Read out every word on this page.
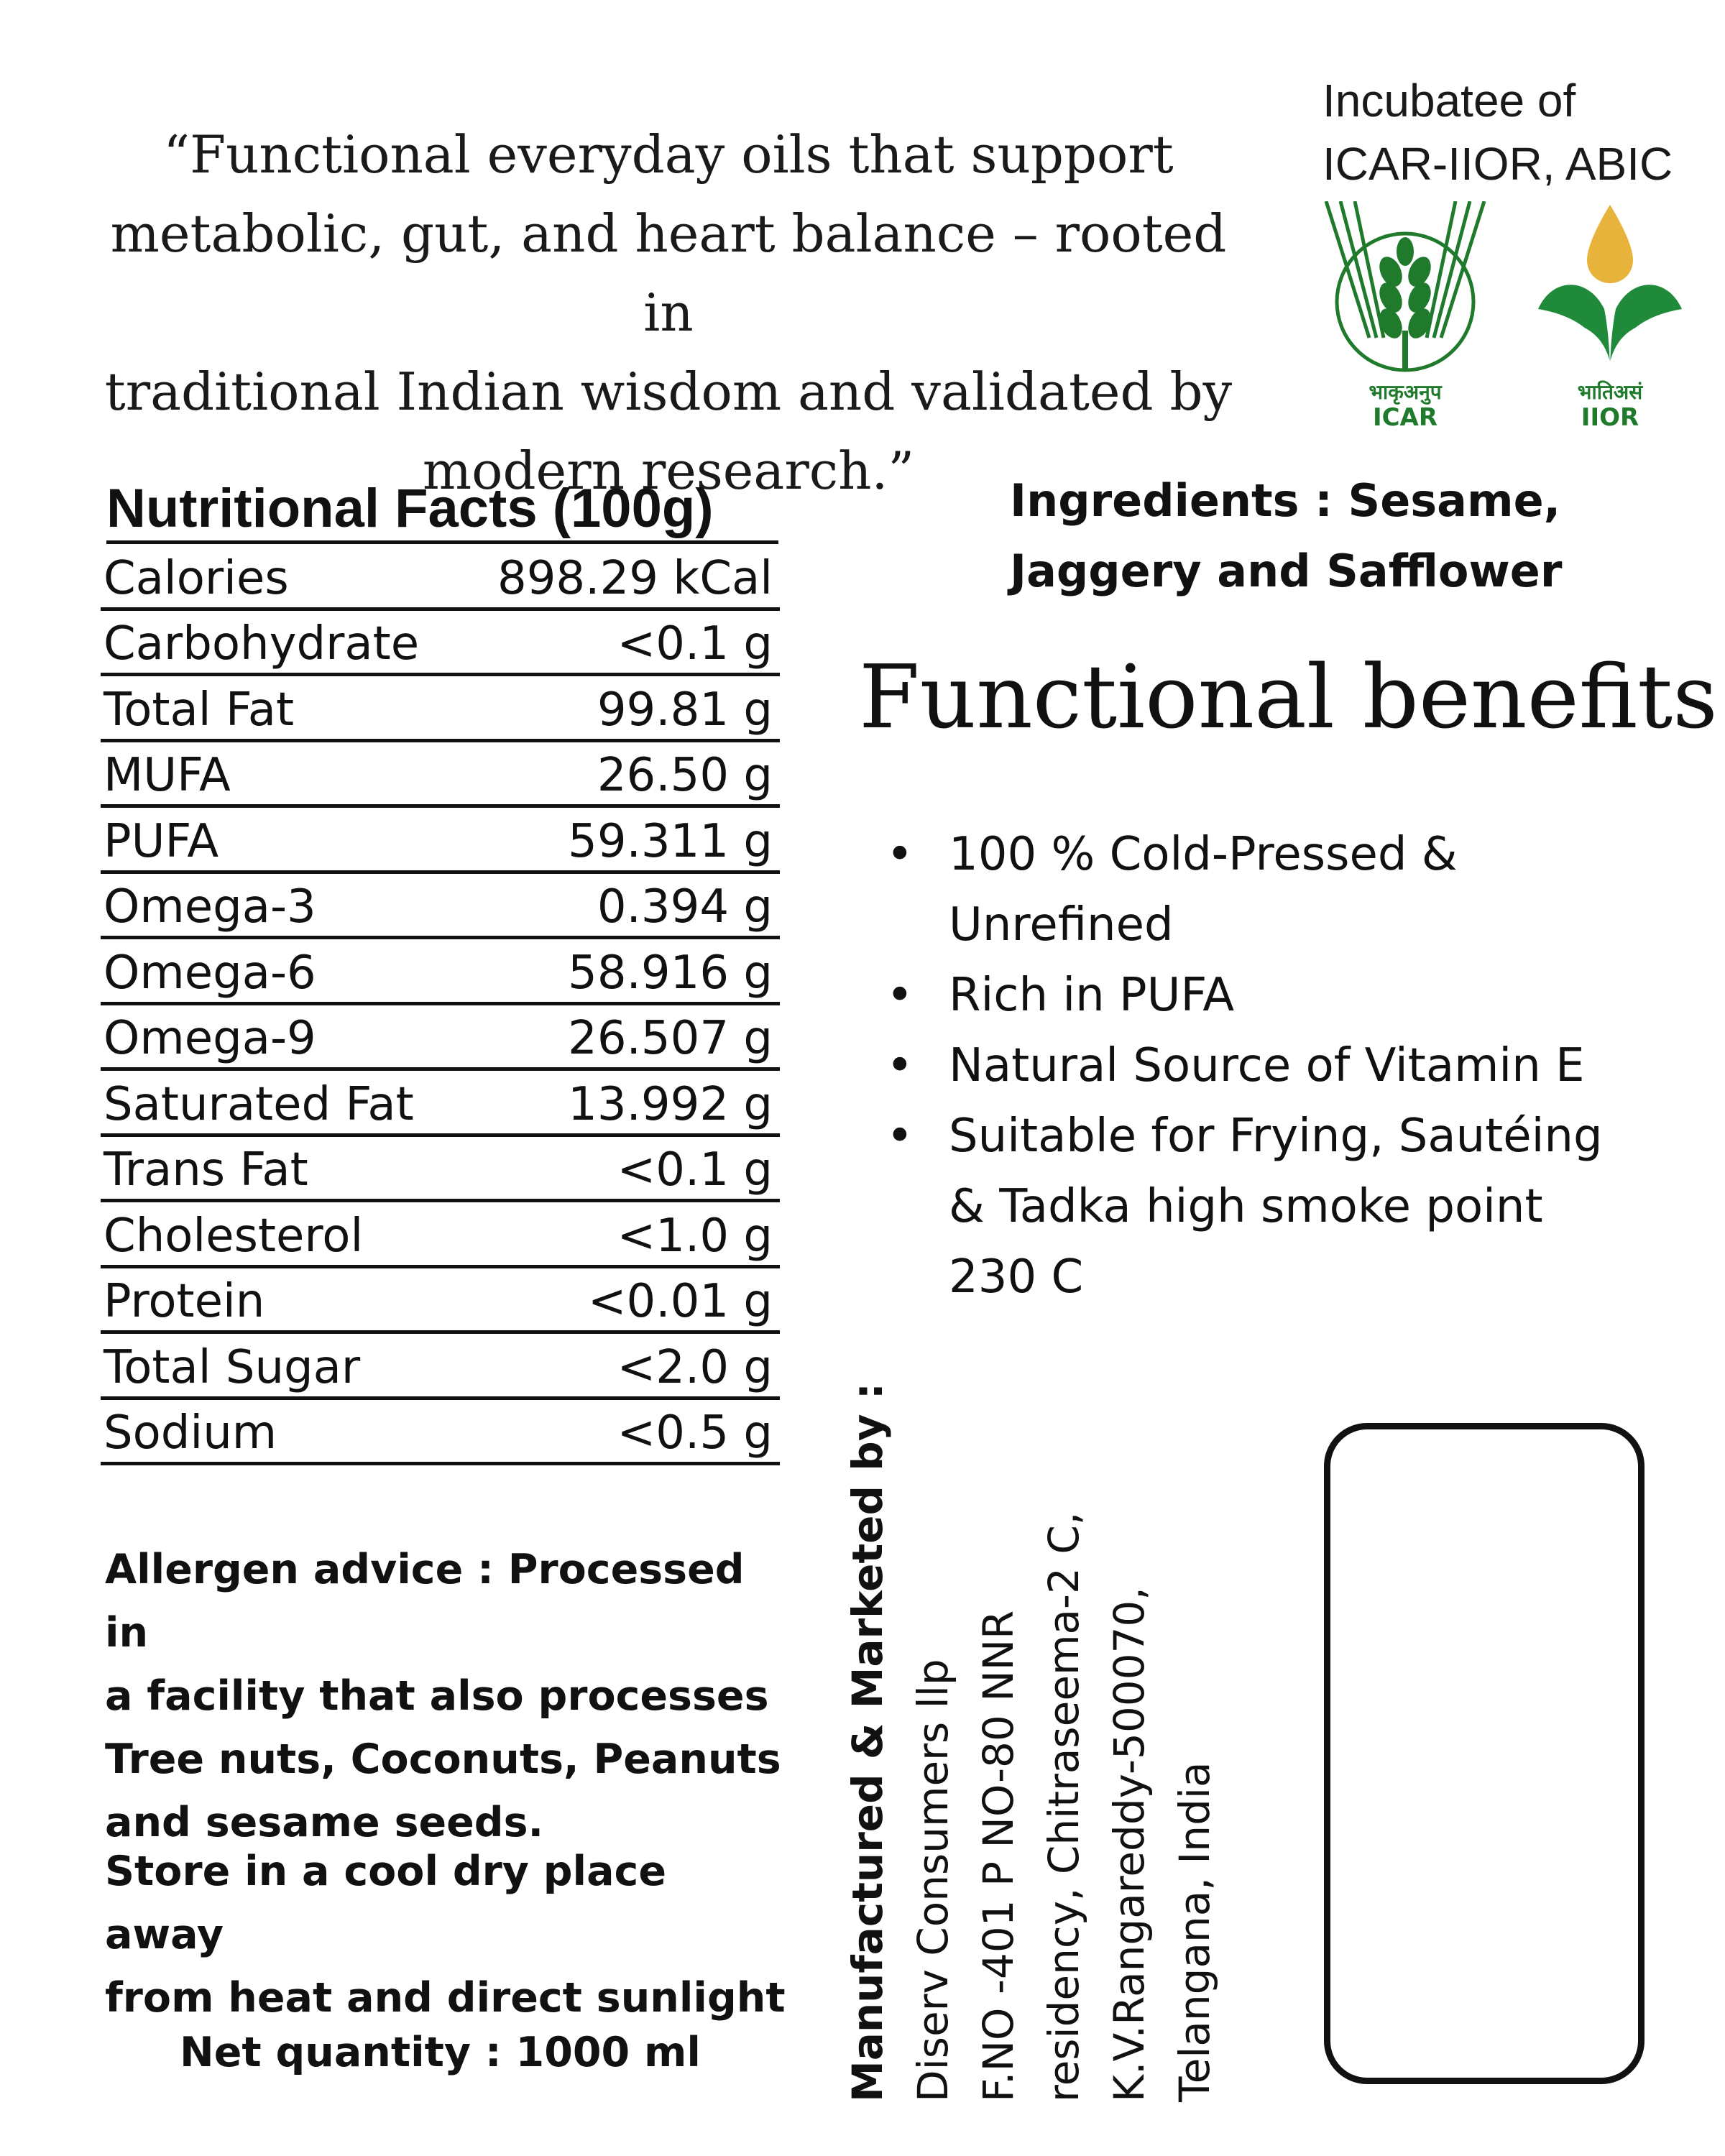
“Functional everyday oils that support
metabolic, gut, and heart balance – rooted in
traditional Indian wisdom and validated by
modern research.”
Incubatee of
ICAR-IIOR, ABIC
भाकृअनुप
ICAR
भातिअसं
IIOR
Nutritional Facts (100g)
Calories	898.29 kCal
Carbohydrate	<0.1 g
Total Fat	99.81 g
MUFA	26.50 g
PUFA	59.311 g
Omega-3	0.394 g
Omega-6	58.916 g
Omega-9	26.507 g
Saturated Fat	13.992 g
Trans Fat	<0.1 g
Cholesterol	<1.0 g
Protein	<0.01 g
Total Sugar	<2.0 g
Sodium	<0.5 g
Allergen advice : Processed in
a facility that also processes
Tree nuts, Coconuts, Peanuts
and sesame seeds.
Store in a cool dry place away
from heat and direct sunlight
Net quantity : 1000 ml
Ingredients : Sesame,
Jaggery and Safflower
Functional benefits
• 100 % Cold-Pressed &
Unrefined
• Rich in PUFA
• Natural Source of Vitamin E
• Suitable for Frying, Sautéing
& Tadka high smoke point
230 C
Manufactured & Marketed by : Diserv Consumers llp F.NO -401 P NO-80 NNR residency, Chitraseema-2 C, K.V.Rangareddy-500070, Telangana, India
